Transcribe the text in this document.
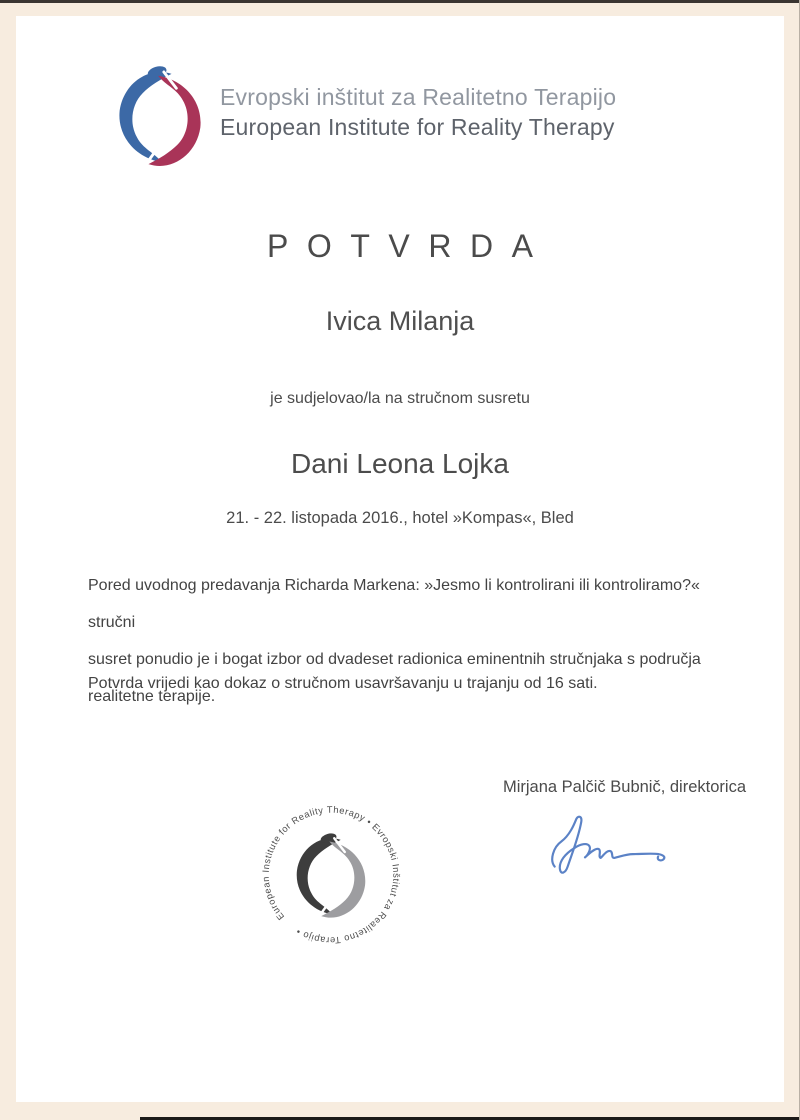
Evropski inštitut za Realitetno Terapijo
European Institute for Reality Therapy
POTVRDA
Ivica Milanja
je sudjelovao/la na stručnom susretu
Dani Leona Lojka
21. - 22. listopada 2016., hotel »Kompas«, Bled
Pored uvodnog predavanja Richarda Markena: »Jesmo li kontrolirani ili kontroliramo?« stručni
susret ponudio je i bogat izbor od dvadeset radionica eminentnih stručnjaka s područja
realitetne terapije.
Potvrda vrijedi kao dokaz o stručnom usavršavanju u trajanju od 16 sati.
European Institute for Reality Therapy • Evropski Inštitut za Realitetno Terapijo •
Mirjana Palčič Bubnič, direktorica
